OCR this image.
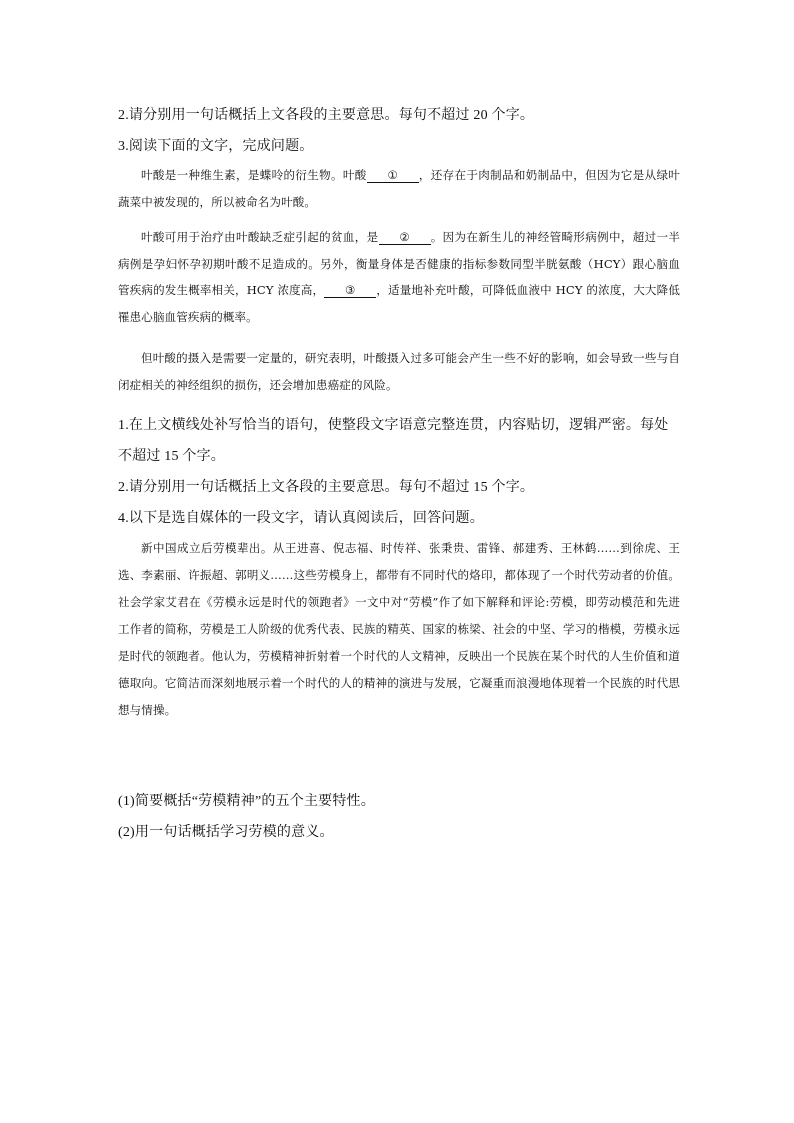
2.请分别用一句话概括上文各段的主要意思。每句不超过 20 个字。
3.阅读下面的文字，完成问题。
叶酸是一种维生素，是蝶呤的衍生物。叶酸 ① ，还存在于肉制品和奶制品中，但因为它是从绿叶蔬菜中被发现的，所以被命名为叶酸。
叶酸可用于治疗由叶酸缺乏症引起的贫血，是 ② 。因为在新生儿的神经管畸形病例中，超过一半病例是孕妇怀孕初期叶酸不足造成的。另外，衡量身体是否健康的指标参数同型半胱氨酸（HCY）跟心脑血管疾病的发生概率相关，HCY 浓度高， ③ ，适量地补充叶酸，可降低血液中 HCY 的浓度，大大降低罹患心脑血管疾病的概率。
但叶酸的摄入是需要一定量的，研究表明，叶酸摄入过多可能会产生一些不好的影响，如会导致一些与自闭症相关的神经组织的损伤，还会增加患癌症的风险。
1.在上文横线处补写恰当的语句，使整段文字语意完整连贯，内容贴切，逻辑严密。每处不超过 15 个字。
2.请分别用一句话概括上文各段的主要意思。每句不超过 15 个字。
4.以下是选自媒体的一段文字，请认真阅读后，回答问题。
新中国成立后劳模辈出。从王进喜、倪志福、时传祥、张秉贵、雷锋、郝建秀、王林鹤……到徐虎、王选、李素丽、许振超、郭明义……这些劳模身上，都带有不同时代的烙印，都体现了一个时代劳动者的价值。社会学家艾君在《劳模永远是时代的领跑者》一文中对“劳模”作了如下解释和评论:劳模，即劳动模范和先进工作者的简称，劳模是工人阶级的优秀代表、民族的精英、国家的栋梁、社会的中坚、学习的楷模，劳模永远是时代的领跑者。他认为，劳模精神折射着一个时代的人文精神，反映出一个民族在某个时代的人生价值和道德取向。它简洁而深刻地展示着一个时代的人的精神的演进与发展，它凝重而浪漫地体现着一个民族的时代思想与情操。
(1)简要概括“劳模精神”的五个主要特性。
(2)用一句话概括学习劳模的意义。
